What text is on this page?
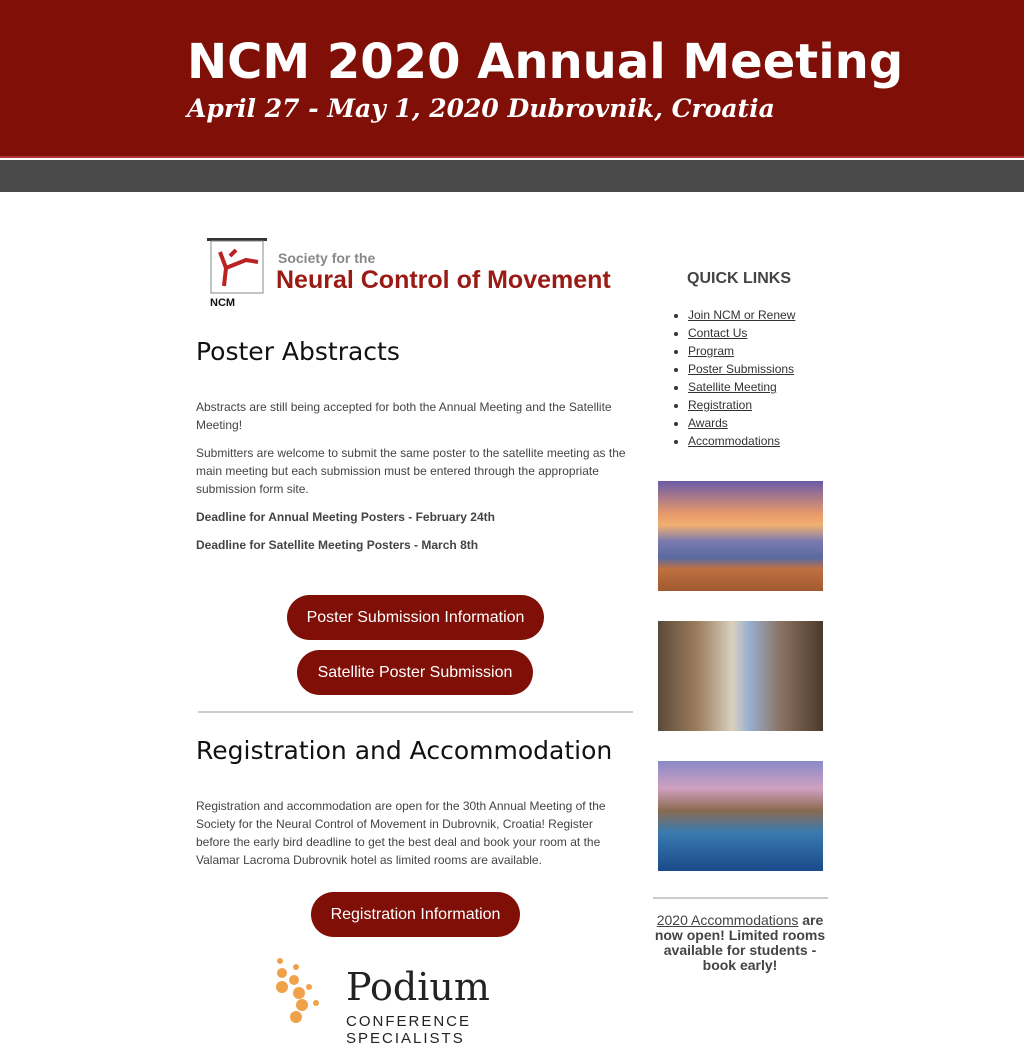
NCM 2020 Annual Meeting
April 27 - May 1, 2020 Dubrovnik, Croatia
NCM
Society for the
Neural Control of Movement
Poster Abstracts

Abstracts are still being accepted for both the Annual Meeting and the Satellite Meeting!

Submitters are welcome to submit the same poster to the satellite meeting as the main meeting but each submission must be entered through the appropriate submission form site.

Deadline for Annual Meeting Posters - February 24th

Deadline for Satellite Meeting Posters - March 8th

Poster Submission Information
Satellite Poster Submission
Registration and Accommodation

Registration and accommodation are open for the 30th Annual Meeting of the Society for the Neural Control of Movement in Dubrovnik, Croatia! Register before the early bird deadline to get the best deal and book your room at the Valamar Lacroma Dubrovnik hotel as limited rooms are available.

Registration Information
Podium
CONFERENCE SPECIALISTS
QUICK LINKS
• Join NCM or Renew
• Contact Us
• Program
• Poster Submissions
• Satellite Meeting
• Registration
• Awards
• Accommodations
2020 Accommodations are now open! Limited rooms available for students - book early!
